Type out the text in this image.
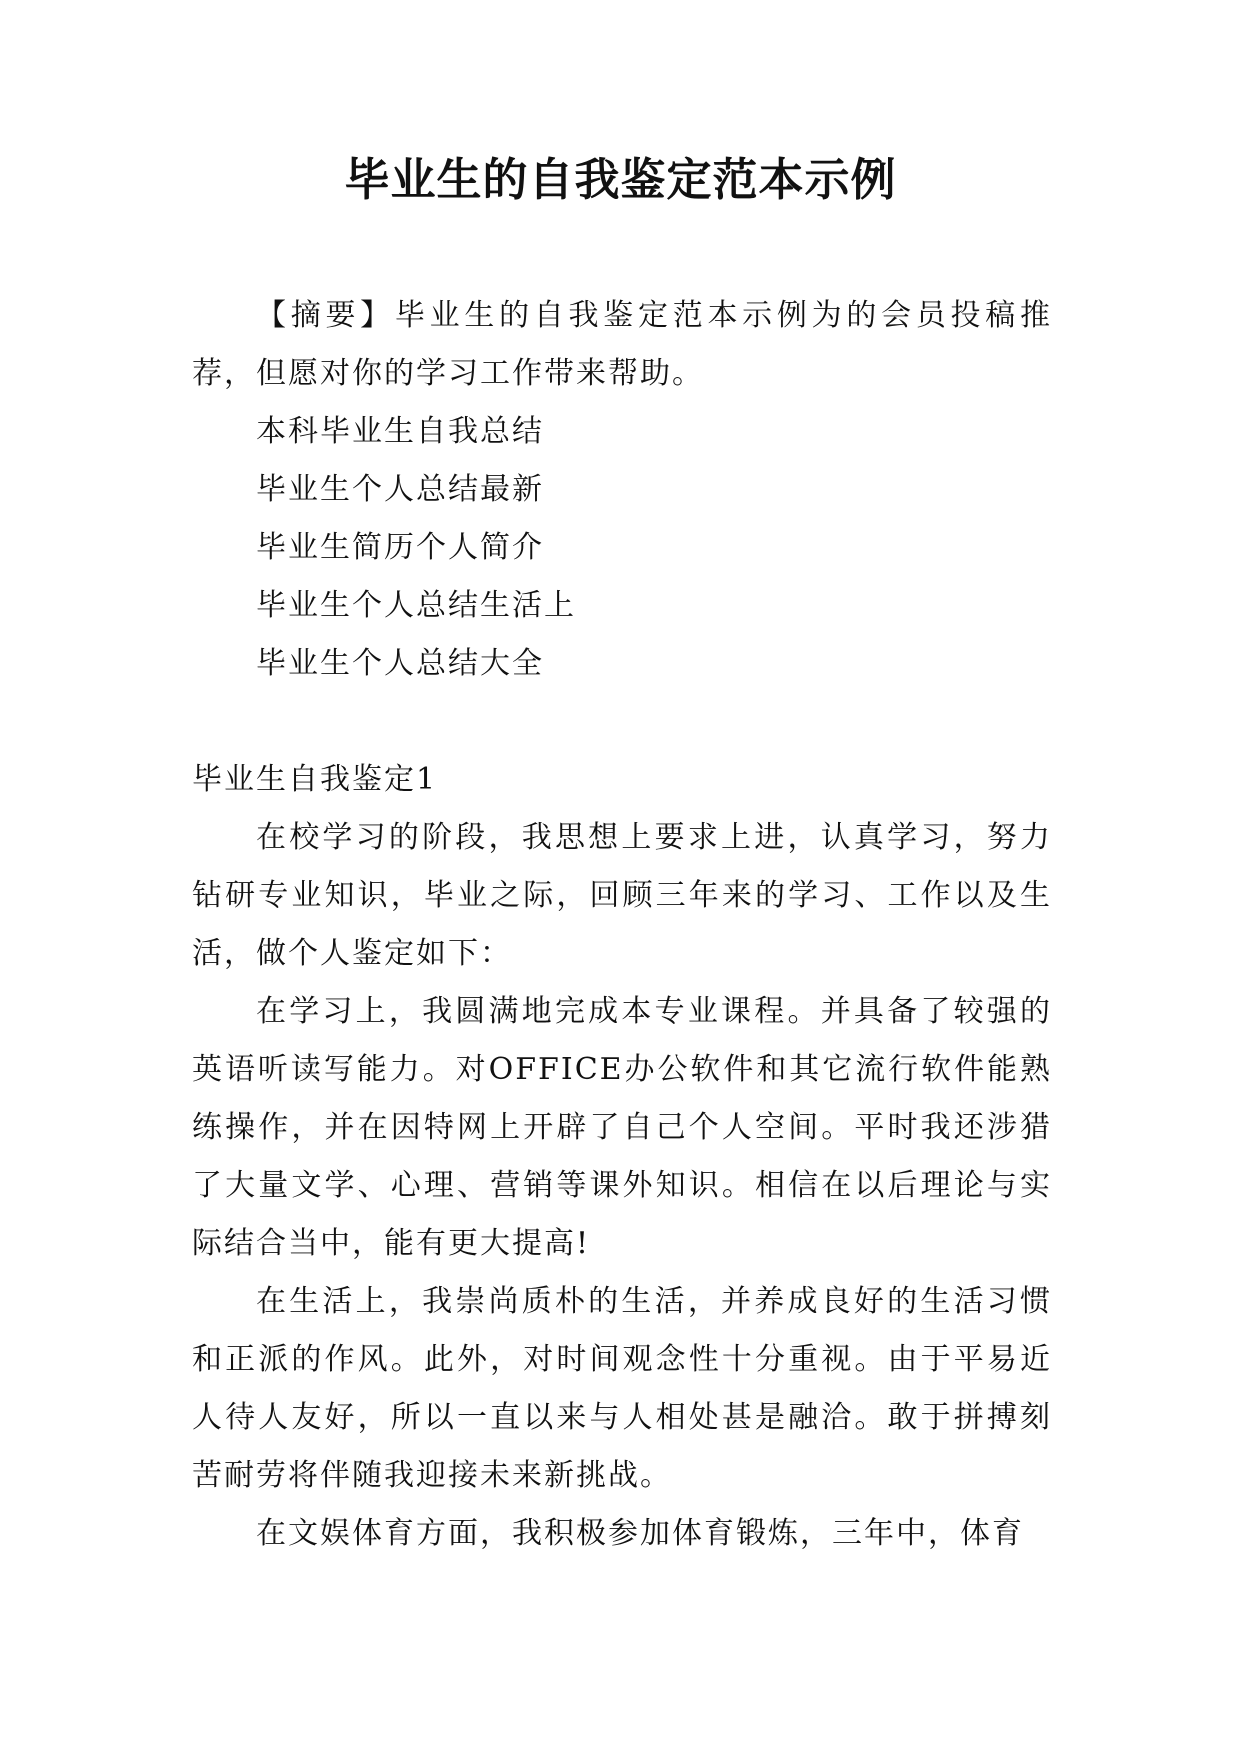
毕业生的自我鉴定范本示例

【摘要】毕业生的自我鉴定范本示例为的会员投稿推荐，但愿对你的学习工作带来帮助。

本科毕业生自我总结
毕业生个人总结最新
毕业生简历个人简介
毕业生个人总结生活上
毕业生个人总结大全

毕业生自我鉴定1

在校学习的阶段，我思想上要求上进，认真学习，努力钻研专业知识，毕业之际，回顾三年来的学习、工作以及生活，做个人鉴定如下：

在学习上，我圆满地完成本专业课程。并具备了较强的英语听读写能力。对OFFICE办公软件和其它流行软件能熟练操作，并在因特网上开辟了自己个人空间。平时我还涉猎了大量文学、心理、营销等课外知识。相信在以后理论与实际结合当中，能有更大提高!

在生活上，我崇尚质朴的生活，并养成良好的生活习惯和正派的作风。此外，对时间观念性十分重视。由于平易近人待人友好，所以一直以来与人相处甚是融洽。敢于拼搏刻苦耐劳将伴随我迎接未来新挑战。

在文娱体育方面，我积极参加体育锻炼，三年中，体育
